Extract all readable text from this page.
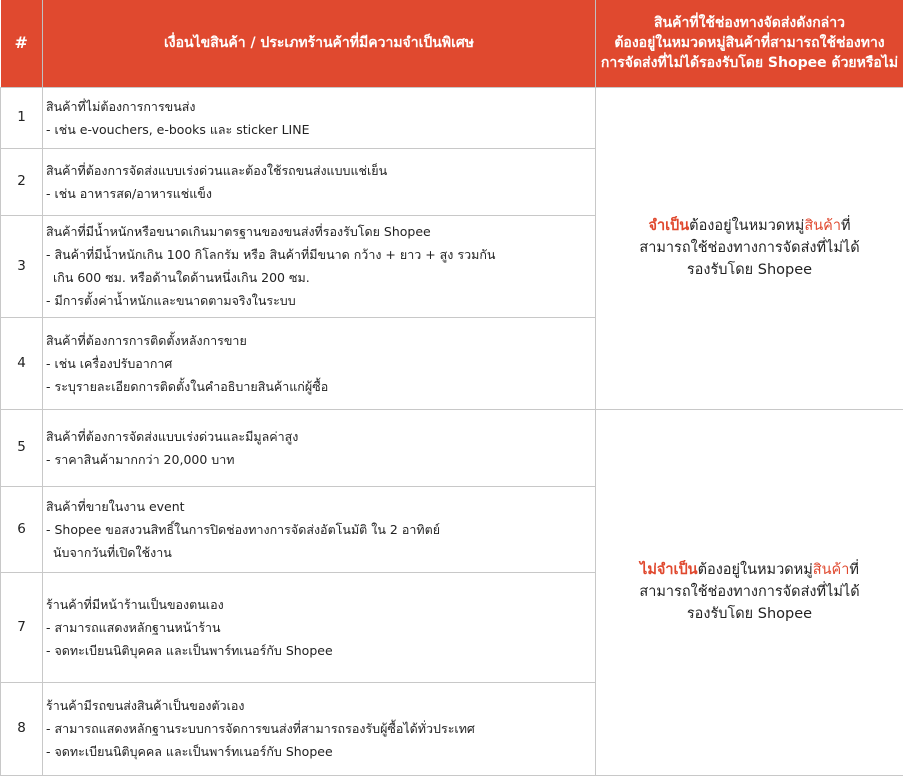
#	เงื่อนไขสินค้า / ประเภทร้านค้าที่มีความจำเป็นพิเศษ	สินค้าที่ใช้ช่องทางจัดส่งดังกล่าว
ต้องอยู่ในหมวดหมู่สินค้าที่สามารถใช้ช่องทาง
การจัดส่งที่ไม่ได้รองรับโดย Shopee ด้วยหรือไม่

1	สินค้าที่ไม่ต้องการการขนส่ง
- เช่น e-vouchers, e-books และ sticker LINE	จำเป็นต้องอยู่ในหมวดหมู่สินค้าที่
สามารถใช้ช่องทางการจัดส่งที่ไม่ได้
รองรับโดย Shopee

2	สินค้าที่ต้องการจัดส่งแบบเร่งด่วนและต้องใช้รถขนส่งแบบแช่เย็น
- เช่น อาหารสด/อาหารแช่แข็ง	

3	สินค้าที่มีน้ำหนักหรือขนาดเกินมาตรฐานของขนส่งที่รองรับโดย Shopee
- สินค้าที่มีน้ำหนักเกิน 100 กิโลกรัม หรือ สินค้าที่มีขนาด กว้าง + ยาว + สูง รวมกัน
เกิน 600 ซม. หรือด้านใดด้านหนึ่งเกิน 200 ซม.
- มีการตั้งค่าน้ำหนักและขนาดตามจริงในระบบ	

4	สินค้าที่ต้องการการติดตั้งหลังการขาย
- เช่น เครื่องปรับอากาศ
- ระบุรายละเอียดการติดตั้งในคำอธิบายสินค้าแก่ผู้ซื้อ	

5	สินค้าที่ต้องการจัดส่งแบบเร่งด่วนและมีมูลค่าสูง
- ราคาสินค้ามากกว่า 20,000 บาท	ไม่จำเป็นต้องอยู่ในหมวดหมู่สินค้าที่
สามารถใช้ช่องทางการจัดส่งที่ไม่ได้
รองรับโดย Shopee

6	สินค้าที่ขายในงาน event
- Shopee ขอสงวนสิทธิ์ในการปิดช่องทางการจัดส่งอัตโนมัติ ใน 2 อาทิตย์
นับจากวันที่เปิดใช้งาน	

7	ร้านค้าที่มีหน้าร้านเป็นของตนเอง
- สามารถแสดงหลักฐานหน้าร้าน
- จดทะเบียนนิติบุคคล และเป็นพาร์ทเนอร์กับ Shopee	

8	ร้านค้ามีรถขนส่งสินค้าเป็นของตัวเอง
- สามารถแสดงหลักฐานระบบการจัดการขนส่งที่สามารถรองรับผู้ซื้อได้ทั่วประเทศ
- จดทะเบียนนิติบุคคล และเป็นพาร์ทเนอร์กับ Shopee	
